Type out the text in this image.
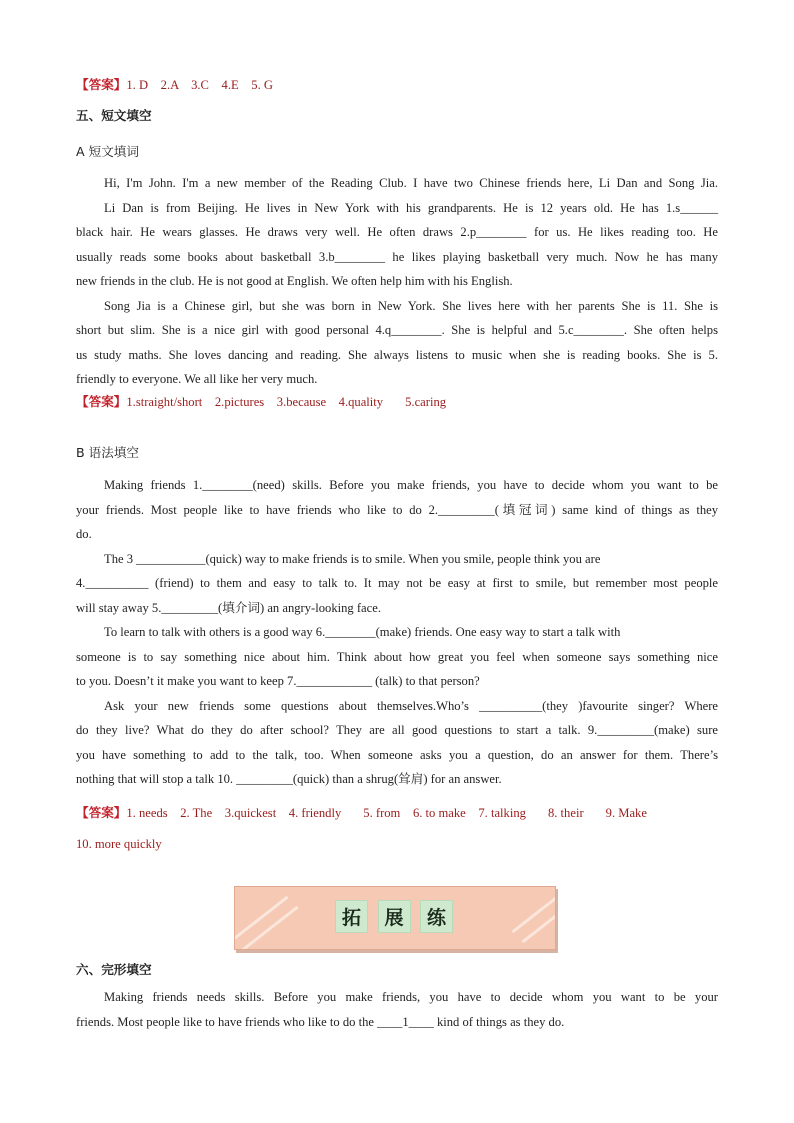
【答案】1. D    2.A    3.C    4.E    5. G
五、短文填空
A 短文填词
Hi, I'm John. I'm a new member of the Reading Club. I have two Chinese friends here, Li Dan and Song Jia.
Li Dan is from Beijing. He lives in New York with his grandparents. He is 12 years old. He has 1.s______
black hair. He wears glasses. He draws very well. He often draws 2.p________ for us. He likes reading too. He
usually reads some books about basketball 3.b________ he likes playing basketball very much. Now he has many
new friends in the club. He is not good at English. We often help him with his English.
Song Jia is a Chinese girl, but she was born in New York. She lives here with her parents She is 11. She is
short but slim. She is a nice girl with good personal 4.q________. She is helpful and 5.c________. She often helps
us study maths. She loves dancing and reading. She always listens to music when she is reading books. She is 5.
friendly to everyone. We all like her very much.
【答案】1.straight/short    2.pictures    3.because    4.quality       5.caring
B 语法填空
Making friends 1.________(need) skills. Before you make friends, you have to decide whom you want to be
your friends. Most people like to have friends who like to do 2._________(填冠词) same kind of things as they
do.
The 3 ___________(quick) way to make friends is to smile. When you smile, people think you are
4.__________ (friend) to them and easy to talk to. It may not be easy at first to smile, but remember most people
will stay away 5._________(填介词) an angry-looking face.
To learn to talk with others is a good way 6.________(make) friends. One easy way to start a talk with
someone is to say something nice about him. Think about how great you feel when someone says something nice
to you. Doesn’t it make you want to keep 7.____________ (talk) to that person?
Ask your new friends some questions about themselves.Who’s __________(they )favourite singer? Where
do they live? What do they do after school? They are all good questions to start a talk. 9._________(make) sure
you have something to add to the talk, too. When someone asks you a question, do an answer for them. There’s
nothing that will stop a talk 10. _________(quick) than a shrug(耸肩) for an answer.
【答案】1. needs    2. The    3.quickest    4. friendly       5. from    6. to make    7. talking       8. their       9. Make
10. more quickly
六、完形填空
Making friends needs skills. Before you make friends, you have to decide whom you want to be your
friends. Most people like to have friends who like to do the ____1____ kind of things as they do.
拓	展	练
